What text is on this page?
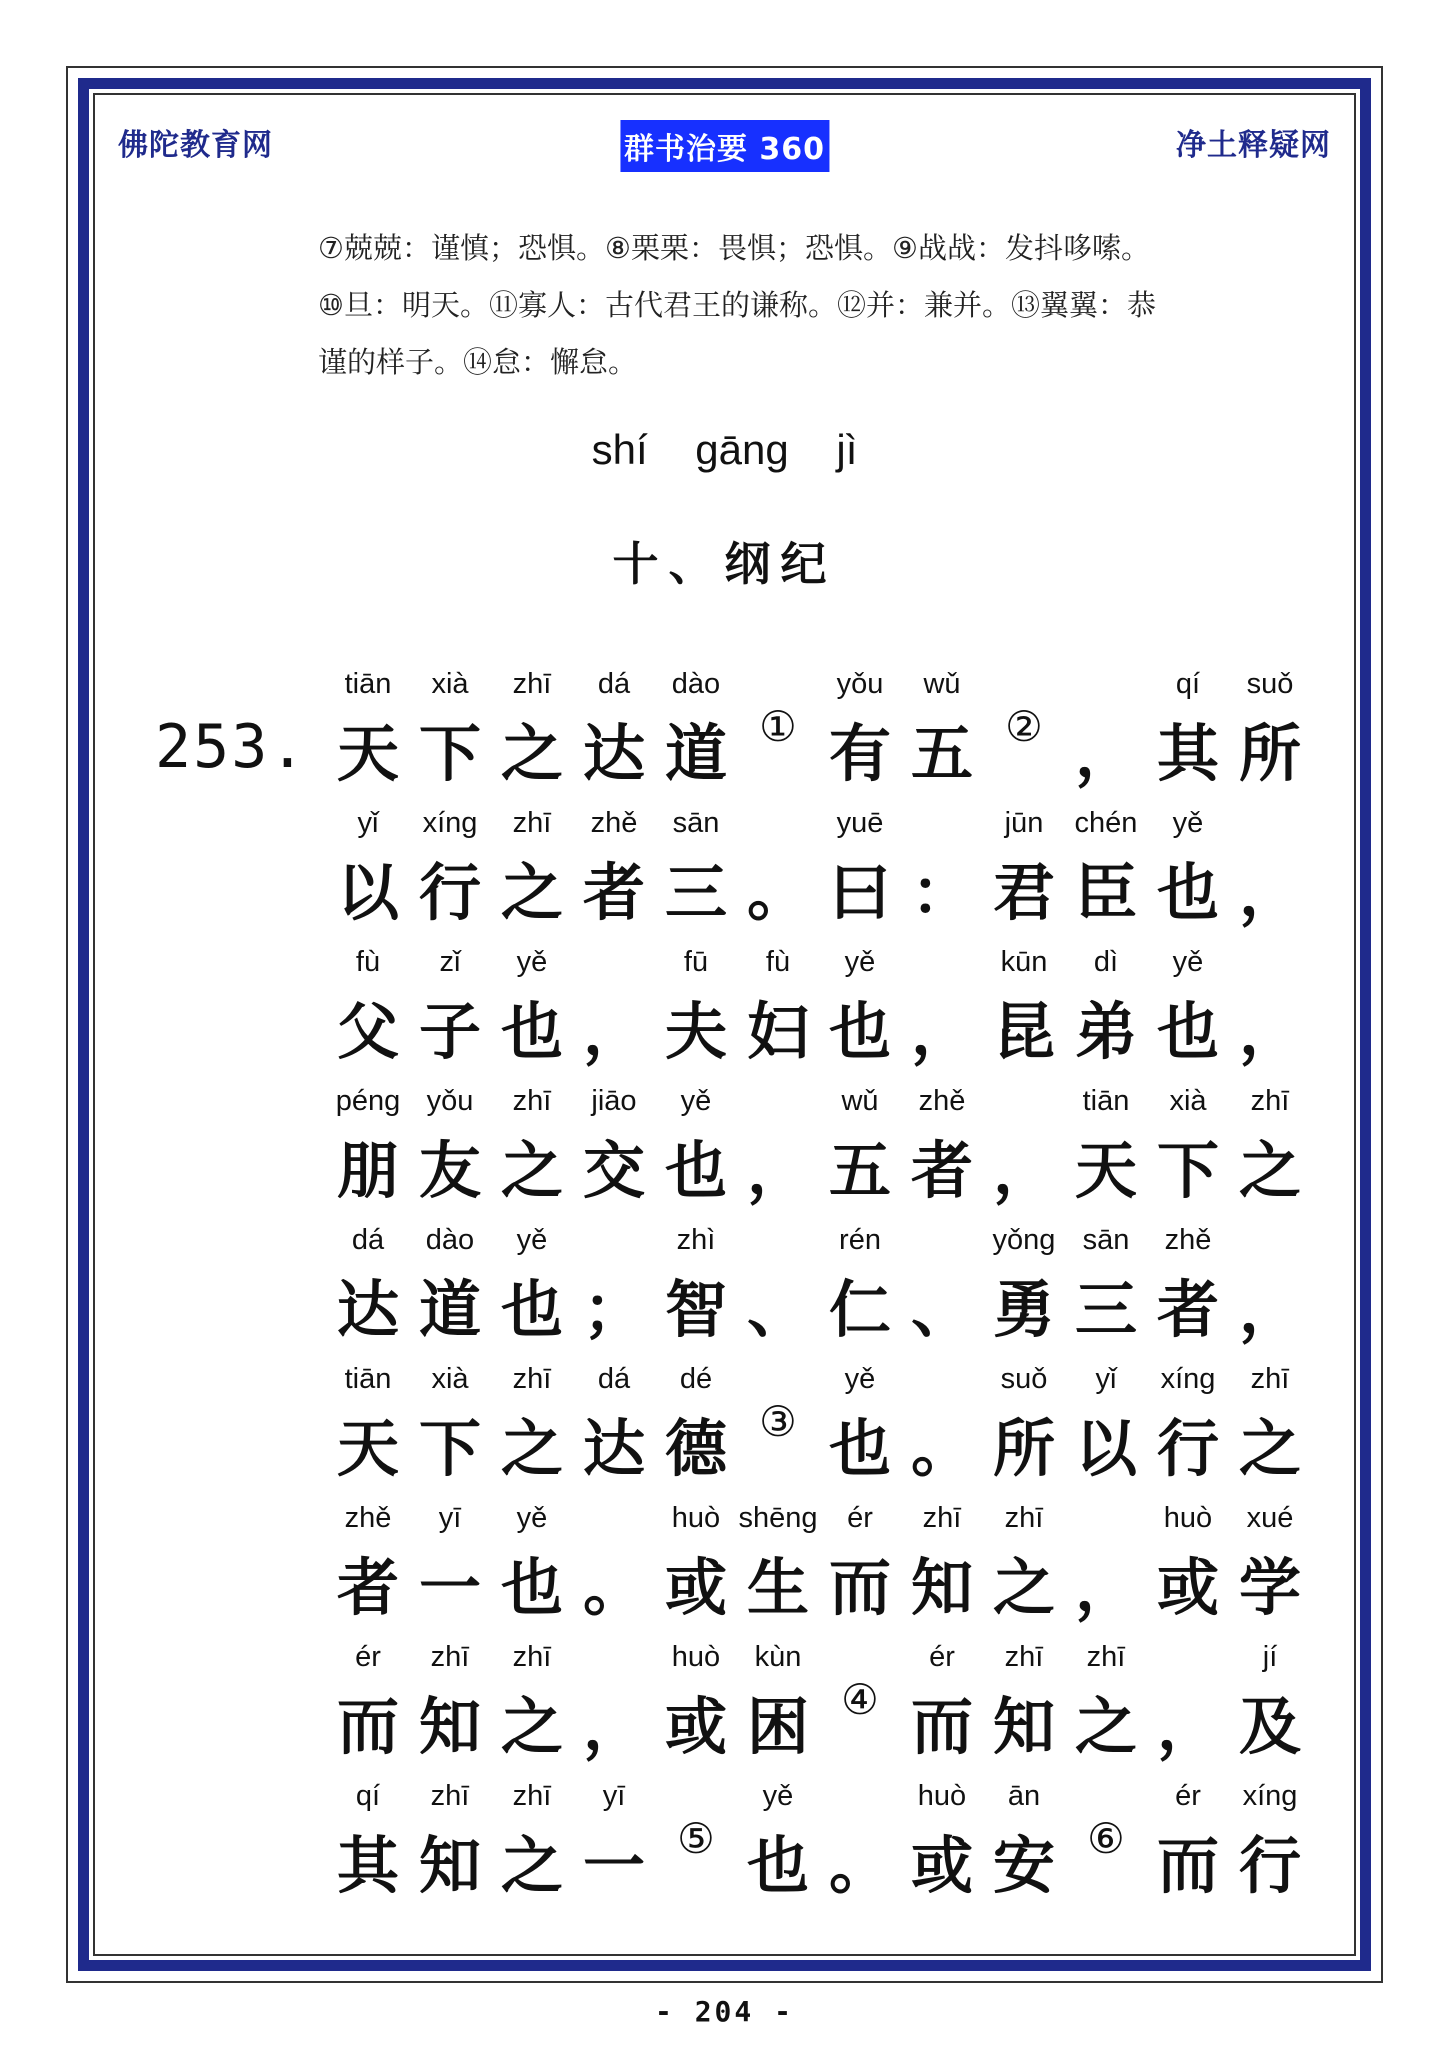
佛陀教育网	群书治要 360	净土释疑网
⑦兢兢：谨慎；恐惧。⑧栗栗：畏惧；恐惧。⑨战战：发抖哆嗦。
⑩旦：明天。⑪寡人：古代君王的谦称。⑫并：兼并。⑬翼翼：恭
谨的样子。⑭怠：懈怠。
shí gāng jì
十、纲纪
253.
tiān
天
xià
下
zhī
之
dá
达
dào
道 ①
yǒu
有
wǔ
五 ② ，
qí
其
suǒ
所
yǐ
以
xíng
行
zhī
之
zhě
者
sān
三 。
yuē
曰 ：
jūn
君
chén
臣
yě
也 ，
fù
父
zǐ
子
yě
也 ，
fū
夫
fù
妇
yě
也 ，
kūn
昆
dì
弟
yě
也 ，
péng
朋
yǒu
友
zhī
之
jiāo
交
yě
也 ，
wǔ
五
zhě
者 ，
tiān
天
xià
下
zhī
之
dá
达
dào
道
yě
也 ；
zhì
智 、
rén
仁 、
yǒng
勇
sān
三
zhě
者 ，
tiān
天
xià
下
zhī
之
dá
达
dé
德 ③
yě
也 。
suǒ
所
yǐ
以
xíng
行
zhī
之
zhě
者
yī
一
yě
也 。
huò
或
shēng
生
ér
而
zhī
知
zhī
之 ，
huò
或
xué
学
ér
而
zhī
知
zhī
之 ，
huò
或
kùn
困 ④
ér
而
zhī
知
zhī
之 ，
jí
及
qí
其
zhī
知
zhī
之
yī
一 ⑤
yě
也 。
huò
或
ān
安 ⑥
ér
而
xíng
行
- 204 -
